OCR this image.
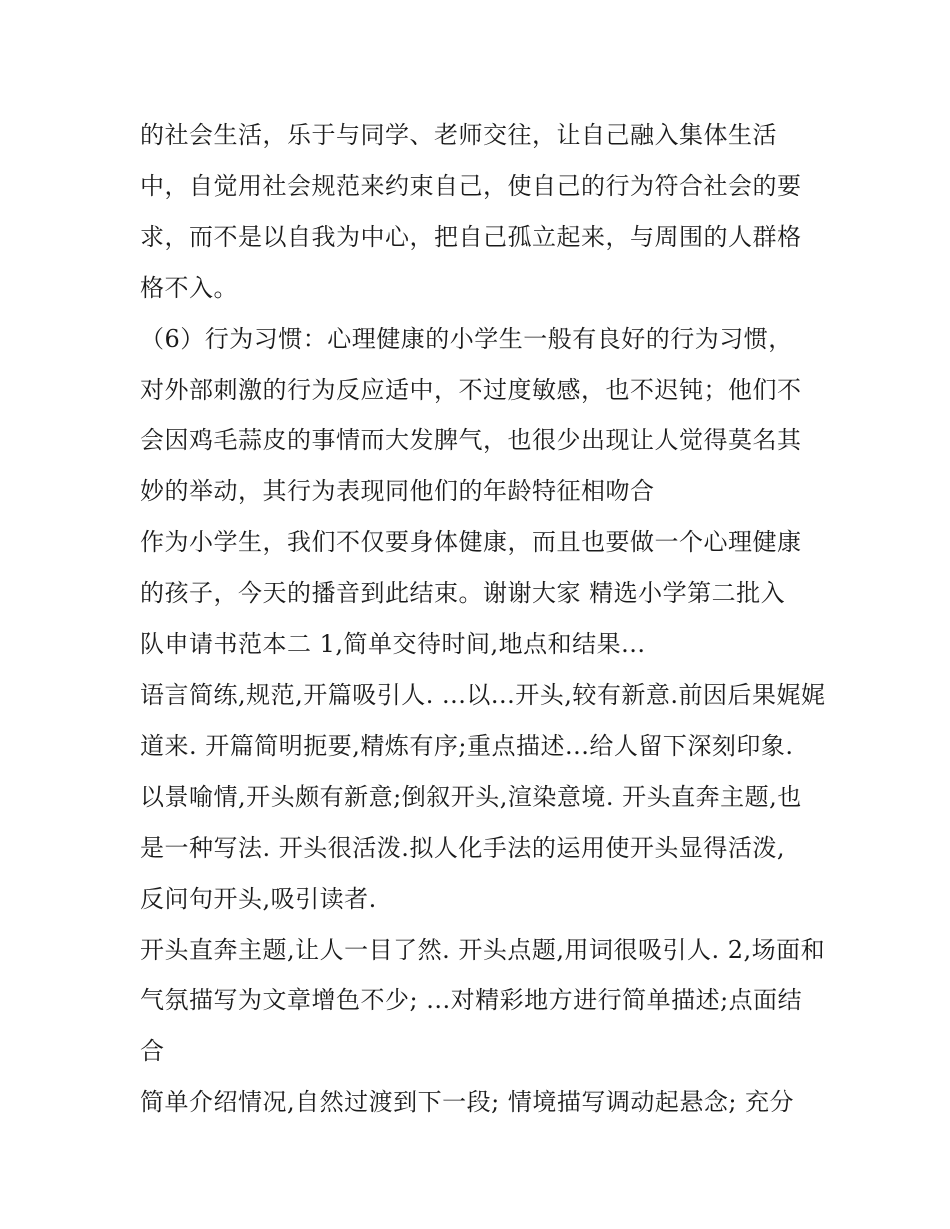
的社会生活，乐于与同学、老师交往，让自己融入集体生活
中，自觉用社会规范来约束自己，使自己的行为符合社会的要
求，而不是以自我为中心，把自己孤立起来，与周围的人群格
格不入。
（6）行为习惯：心理健康的小学生一般有良好的行为习惯，
对外部刺激的行为反应适中，不过度敏感，也不迟钝；他们不
会因鸡毛蒜皮的事情而大发脾气，也很少出现让人觉得莫名其
妙的举动，其行为表现同他们的年龄特征相吻合
作为小学生，我们不仅要身体健康，而且也要做一个心理健康
的孩子，今天的播音到此结束。谢谢大家 精选小学第二批入
队申请书范本二 1,简单交待时间,地点和结果...
语言简练,规范,开篇吸引人. ...以...开头,较有新意.前因后果娓娓
道来. 开篇简明扼要,精炼有序;重点描述...给人留下深刻印象.
以景喻情,开头颇有新意;倒叙开头,渲染意境. 开头直奔主题,也
是一种写法. 开头很活泼.拟人化手法的运用使开头显得活泼,
反问句开头,吸引读者.
开头直奔主题,让人一目了然. 开头点题,用词很吸引人. 2,场面和
气氛描写为文章增色不少; ...对精彩地方进行简单描述;点面结
合
简单介绍情况,自然过渡到下一段; 情境描写调动起悬念; 充分
